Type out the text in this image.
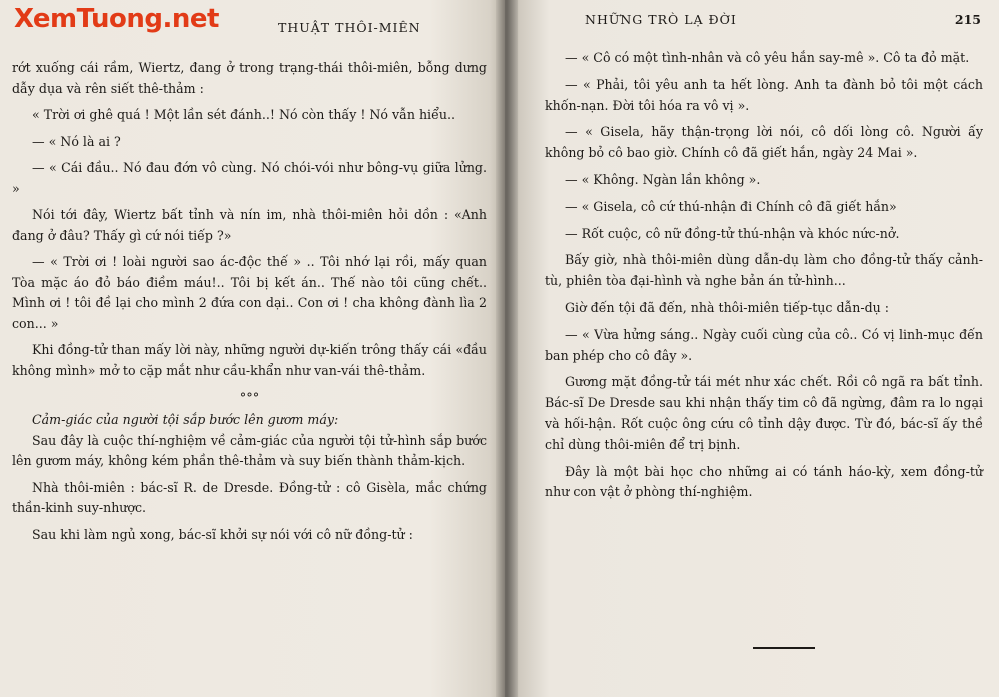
XemTuong.net	THUẬT THÔI-MIÊN

rớt xuống cái rầm, Wiertz, đang ở trong trạng-thái thôi-miên, bỗng dưng dẫy dụa và rên siết thê-thảm :

« Trời ơi ghê quá ! Một lần sét đánh..! Nó còn thấy ! Nó vẫn hiểu..

— « Nó là ai ?

— « Cái đầu.. Nó đau đớn vô cùng. Nó chói-vói như bông-vụ giữa lửng. »

Nói tới đây, Wiertz bất tỉnh và nín im, nhà thôi-miên hỏi dồn : «Anh đang ở đâu? Thấy gì cứ nói tiếp ?»

— « Trời ơi ! loài người sao ác-độc thế » .. Tôi nhớ lại rồi, mấy quan Tòa mặc áo đỏ báo điềm máu!.. Tôi bị kết án.. Thế nào tôi cũng chết.. Mình ơi ! tôi đề lại cho mình 2 đứa con dại.. Con ơi ! cha không đành lìa 2 con... »

Khi đồng-tử than mấy lời này, những người dự-kiến trông thấy cái «đầu không mình» mở to cặp mắt như cầu-khẩn như van-vái thê-thảm.

°°°

Cảm-giác của người tội sắp bước lên gươm máy:

Sau đây là cuộc thí-nghiệm về cảm-giác của người tội tử-hình sắp bước lên gươm máy, không kém phần thê-thảm và suy biến thành thảm-kịch.

Nhà thôi-miên : bác-sĩ R. de Dresde. Đồng-tử : cô Gisèla, mắc chứng thần-kinh suy-nhược.

Sau khi làm ngủ xong, bác-sĩ khởi sự nói với cô nữ đồng-tử :

NHỮNG TRÒ LẠ ĐỜI	215

— « Cô có một tình-nhân và cô yêu hắn say-mê ». Cô ta đỏ mặt.

— « Phải, tôi yêu anh ta hết lòng. Anh ta đành bỏ tôi một cách khốn-nạn. Đời tôi hóa ra vô vị ».

— « Gisela, hãy thận-trọng lời nói, cô dối lòng cô. Người ấy không bỏ cô bao giờ. Chính cô đã giết hắn, ngày 24 Mai ».

— « Không. Ngàn lần không ».

— « Gisela, cô cứ thú-nhận đi Chính cô đã giết hắn»

— Rốt cuộc, cô nữ đồng-tử thú-nhận và khóc nức-nở.

Bấy giờ, nhà thôi-miên dùng dẫn-dụ làm cho đồng-tử thấy cảnh-tù, phiên tòa đại-hình và nghe bản án tử-hình...

Giờ đến tội đã đến, nhà thôi-miên tiếp-tục dẫn-dụ :

— « Vừa hửng sáng.. Ngày cuối cùng của cô.. Có vị linh-mục đến ban phép cho cô đây ».

Gương mặt đồng-tử tái mét như xác chết. Rồi cô ngã ra bất tỉnh. Bác-sĩ De Dresde sau khi nhận thấy tim cô đã ngừng, đâm ra lo ngại và hối-hận. Rốt cuộc ông cứu cô tỉnh dậy được. Từ đó, bác-sĩ ấy thề chỉ dùng thôi-miên để trị bịnh.

Đây là một bài học cho những ai có tánh háo-kỳ, xem đồng-tử như con vật ở phòng thí-nghiệm.
